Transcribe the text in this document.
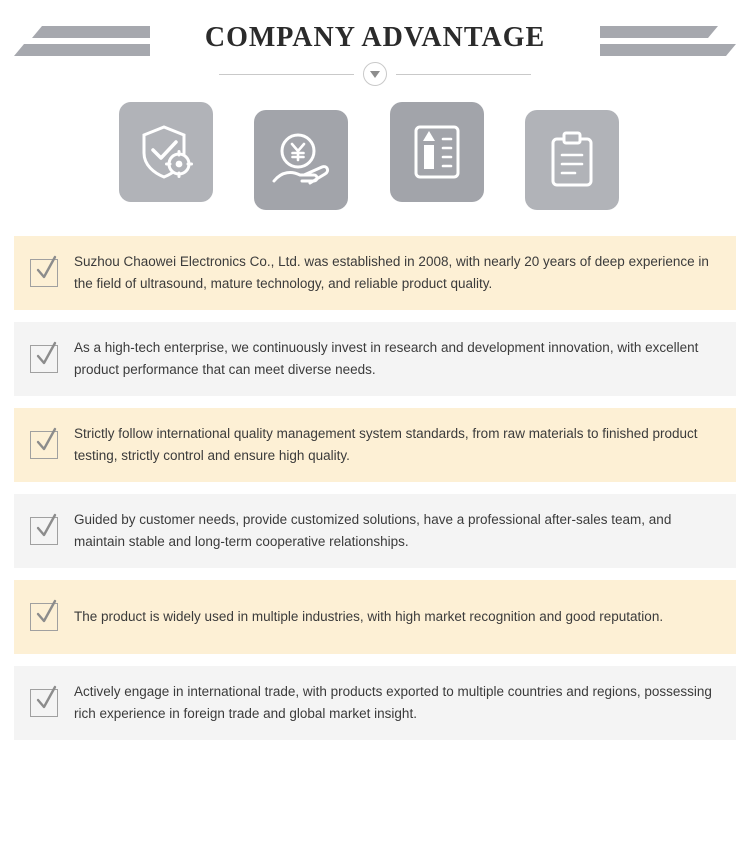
COMPANY ADVANTAGE
Suzhou Chaowei Electronics Co., Ltd. was established in 2008, with nearly 20 years of deep experience in the field of ultrasound, mature technology, and reliable product quality.
As a high-tech enterprise, we continuously invest in research and development innovation, with excellent product performance that can meet diverse needs.
Strictly follow international quality management system standards, from raw materials to finished product testing, strictly control and ensure high quality.
Guided by customer needs, provide customized solutions, have a professional after-sales team, and maintain stable and long-term cooperative relationships.
The product is widely used in multiple industries, with high market recognition and good reputation.
Actively engage in international trade, with products exported to multiple countries and regions, possessing rich experience in foreign trade and global market insight.
